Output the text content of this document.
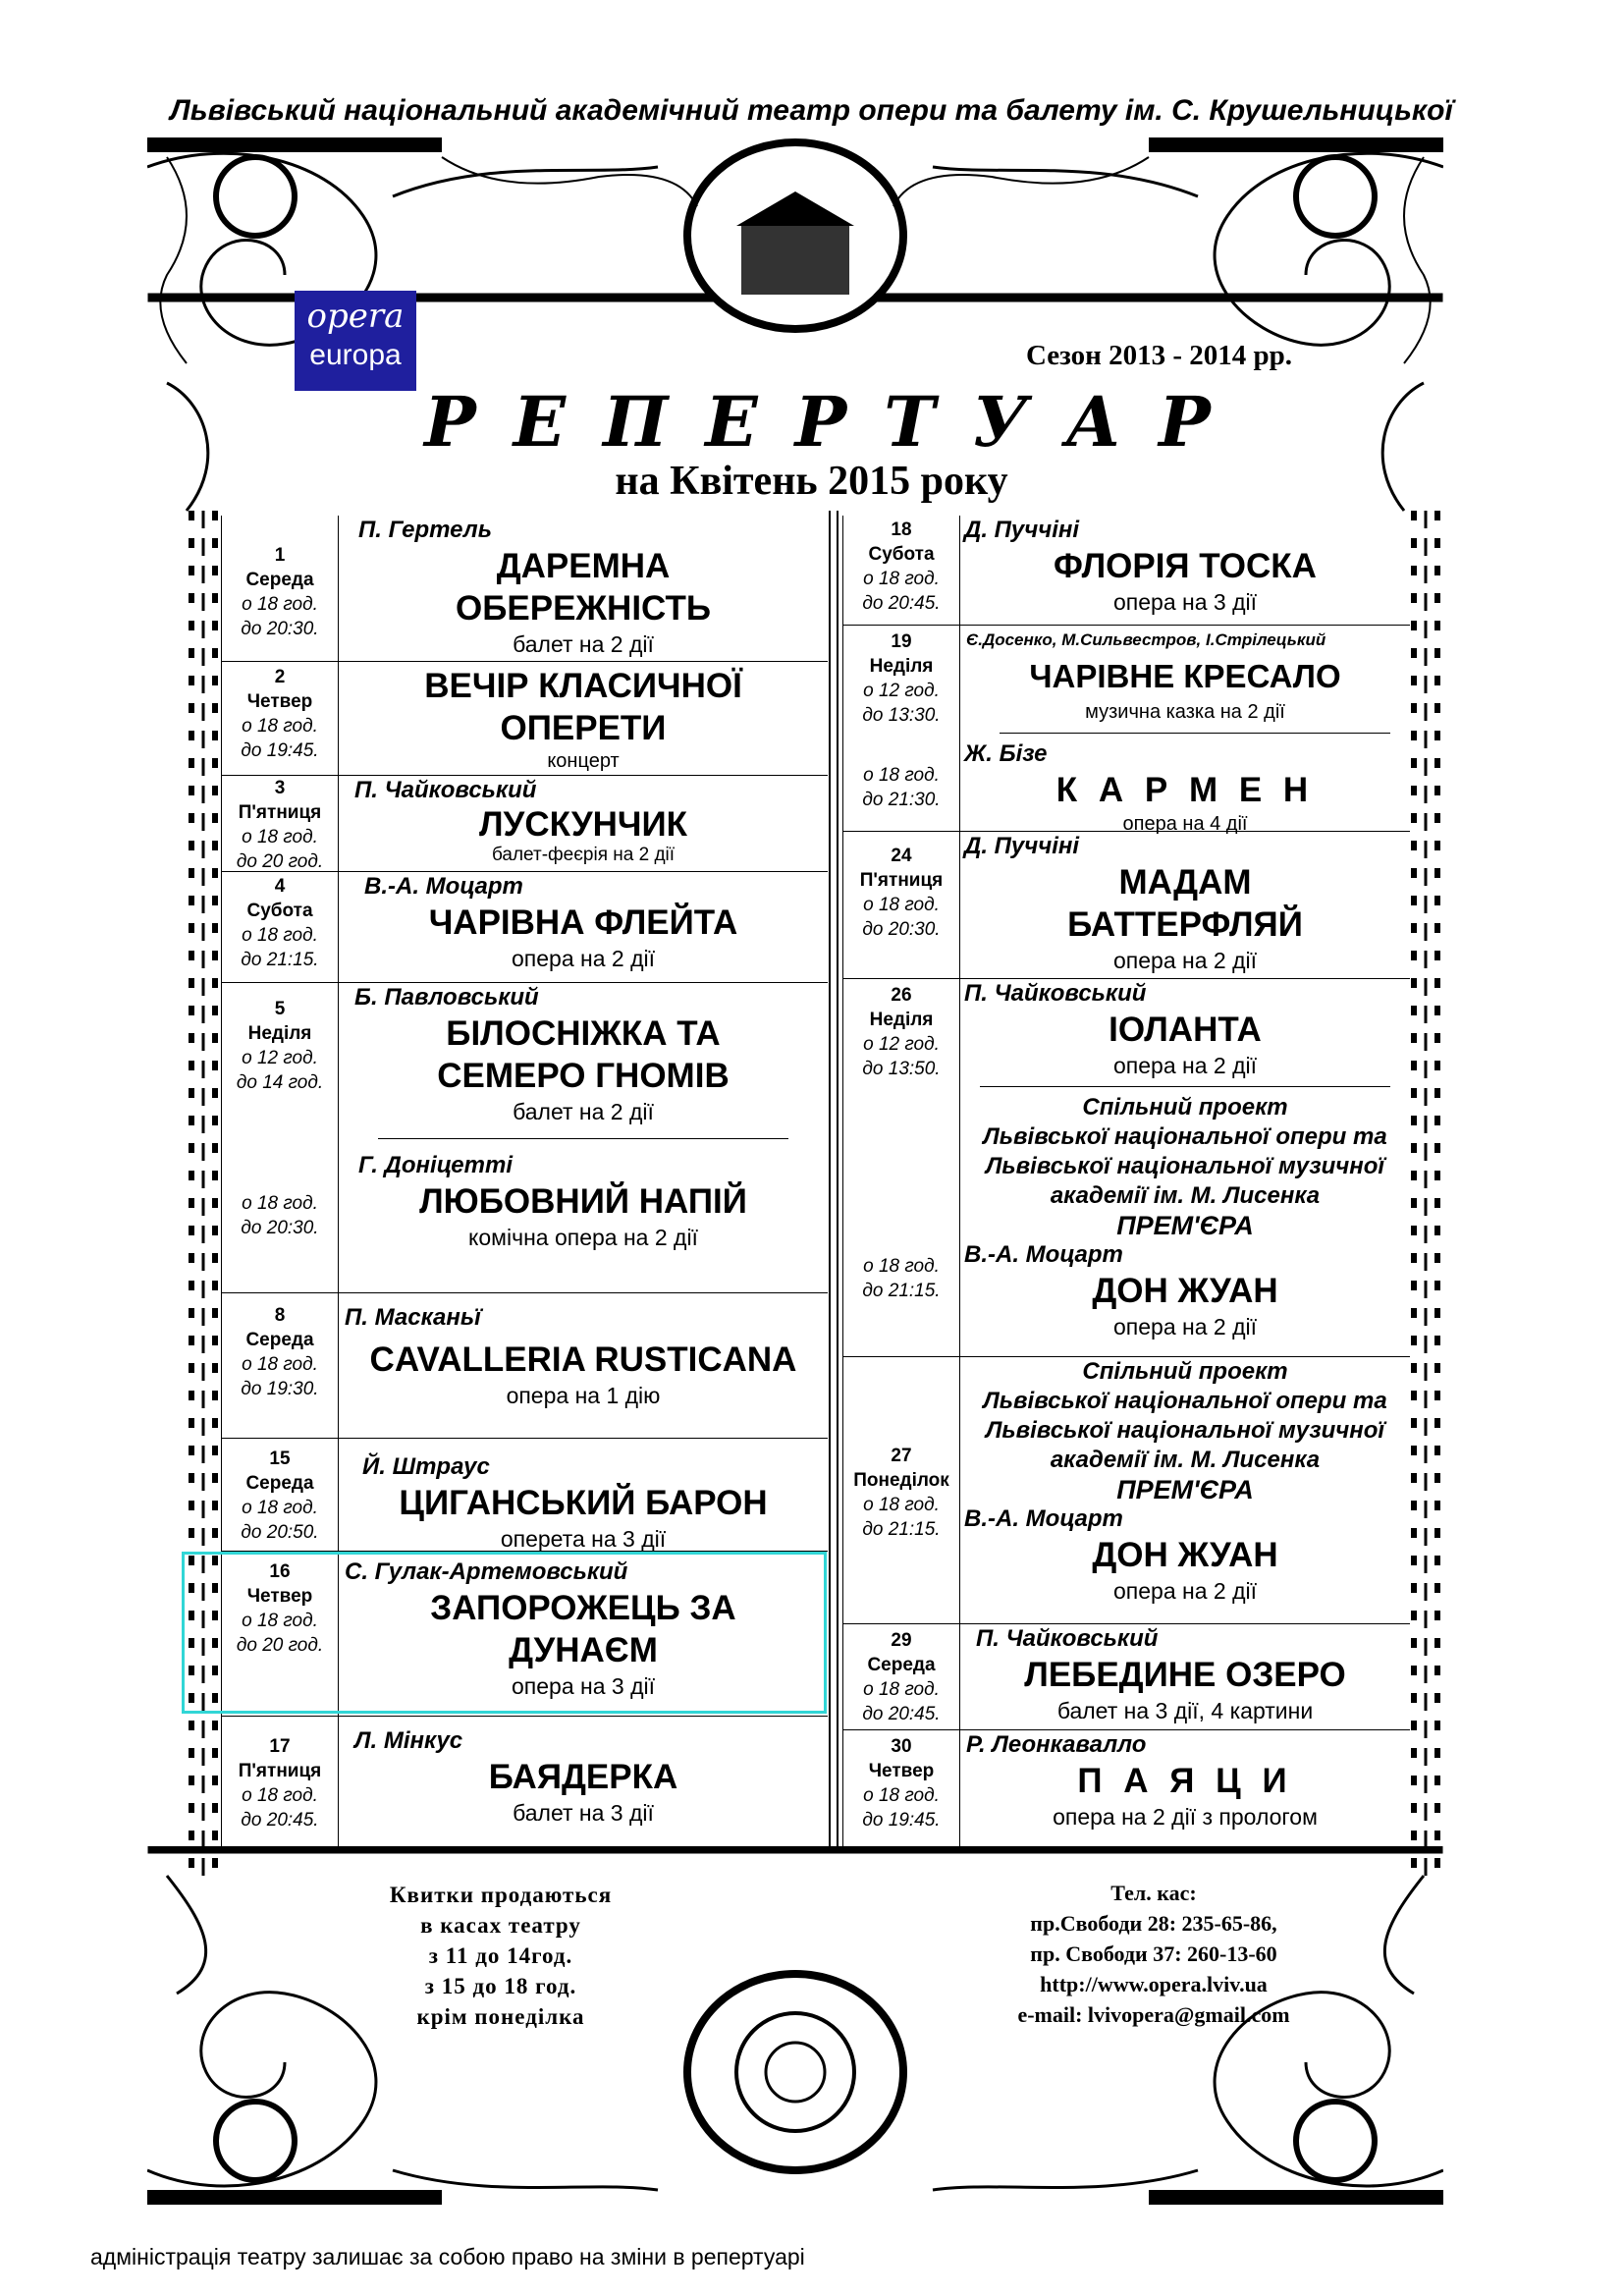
Львівський національний академічний театр опери та балету ім. С. Крушельницької
opera
europa	Сезон 2013 - 2014 рр.
РЕПЕРТУАР
на Квітень 2015 року
1
Середа
о 18 год.
до 20:30.
П. Гертель
ДАРЕМНА
ОБЕРЕЖНІСТЬ
балет на 2 дії
2
Четвер
о 18 год.
до 19:45.
ВЕЧІР КЛАСИЧНОЇ
ОПЕРЕТИ
концерт
3
П'ятниця
о 18 год.
до 20 год.
П. Чайковський
ЛУСКУНЧИК
балет-феєрія на 2 дії
4
Субота
о 18 год.
до 21:15.
В.-А. Моцарт
ЧАРІВНА ФЛЕЙТА
опера на 2 дії
5
Неділя
о 12 год.
до 14 год.
о 18 год.
до 20:30.
Б. Павловський
БІЛОСНІЖКА ТА
СЕМЕРО ГНОМІВ
балет на 2 дії
Г. Доніцетті
ЛЮБОВНИЙ НАПІЙ
комічна опера на 2 дії
8
Середа
о 18 год.
до 19:30.
П. Масканьї
CAVALLERIA RUSTICANA
опера на 1 дію
15
Середа
о 18 год.
до 20:50.
Й. Штраус
ЦИГАНСЬКИЙ БАРОН
оперета на 3 дії
16
Четвер
о 18 год.
до 20 год.
С. Гулак-Артемовський
ЗАПОРОЖЕЦЬ ЗА
ДУНАЄМ
опера на 3 дії
17
П'ятниця
о 18 год.
до 20:45.
Л. Мінкус
БАЯДЕРКА
балет на 3 дії
18
Субота
о 18 год.
до 20:45.
Д. Пуччіні
ФЛОРІЯ ТОСКА
опера на 3 дії
19
Неділя
о 12 год.
до 13:30.
о 18 год.
до 21:30.
Є.Досенко, М.Сильвестров, І.Стрілецький
ЧАРІВНЕ КРЕСАЛО
музична казка на 2 дії
Ж. Бізе
К А Р М Е Н
опера на 4 дії
24
П'ятниця
о 18 год.
до 20:30.
Д. Пуччіні
МАДАМ
БАТТЕРФЛЯЙ
опера на 2 дії
26
Неділя
о 12 год.
до 13:50.
о 18 год.
до 21:15.
П. Чайковський
ІОЛАНТА
опера на 2 дії
Спільний проект
Львівської національної опери та
Львівської національної музичної
академії ім. М. Лисенка
ПРЕМ'ЄРА
В.-А. Моцарт
ДОН ЖУАН
опера на 2 дії
27
Понеділок
о 18 год.
до 21:15.
Спільний проект
Львівської національної опери та
Львівської національної музичної
академії ім. М. Лисенка
ПРЕМ'ЄРА
В.-А. Моцарт
ДОН ЖУАН
опера на 2 дії
29
Середа
о 18 год.
до 20:45.
П. Чайковський
ЛЕБЕДИНЕ ОЗЕРО
балет на 3 дії, 4 картини
30
Четвер
о 18 год.
до 19:45.
Р. Леонкавалло
П А Я Ц И
опера на 2 дії з прологом
Квитки продаються
в касах театру
з 11 до 14год.
з 15 до 18 год.
крім понеділка
Тел. кас:
пр.Свободи 28: 235-65-86,
пр. Свободи 37: 260-13-60
http://www.opera.lviv.ua
e-mail: lvivopera@gmail.com
адміністрація театру залишає за собою право на зміни в репертуарі
